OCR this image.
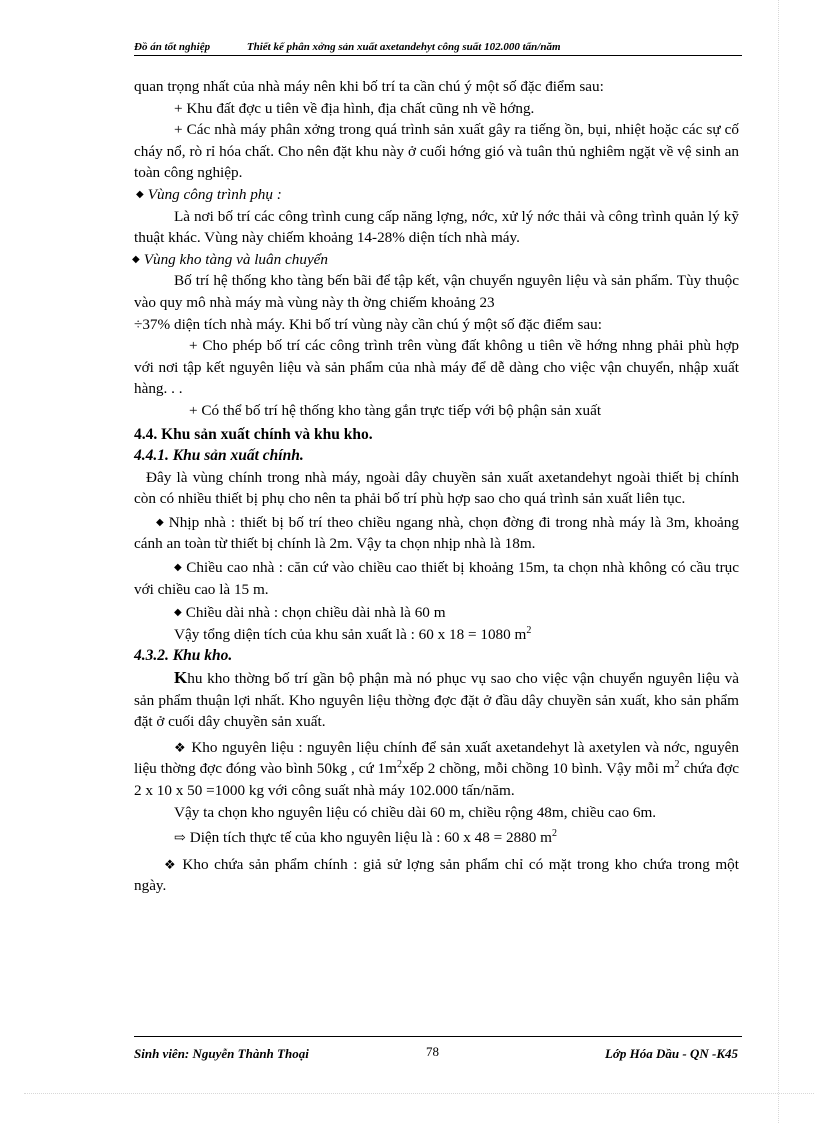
Đồ án tốt nghiệp	Thiết kế phân xởng sản xuất axetandehyt công suất 102.000 tấn/năm

quan trọng nhất của nhà máy nên khi bố trí ta cần chú ý một số đặc điểm sau:

+ Khu đất đợc u tiên về địa hình, địa chất cũng nh về hớng.

+ Các nhà máy phân xởng trong quá trình sản xuất gây ra tiếng ồn, bụi, nhiệt hoặc các sự cố cháy nổ, rò rỉ hóa chất. Cho nên đặt khu này ở cuối hớng gió và tuân thủ nghiêm ngặt về vệ sinh an toàn công nghiệp.

◆ Vùng công trình phụ :

Là nơi bố trí các công trình cung cấp năng lợng, nớc, xử lý nớc thải và công trình quản lý kỹ thuật khác. Vùng này chiếm khoảng 14-28% diện tích nhà máy.

◆ Vùng kho tàng và luân chuyển

Bố trí hệ thống kho tàng bến bãi để tập kết, vận chuyển nguyên liệu và sản phẩm. Tùy thuộc vào quy mô nhà máy mà vùng này th ờng chiếm khoảng 23

÷37% diện tích nhà máy. Khi bố trí vùng này cần chú ý một số đặc điểm sau:

+ Cho phép bố trí các công trình trên vùng đất không u tiên về hớng nhng phải phù hợp với nơi tập kết nguyên liệu và sản phẩm của nhà máy để dễ dàng cho việc vận chuyển, nhập xuất hàng. . .

+ Có thể bố trí hệ thống kho tàng gắn trực tiếp với bộ phận sản xuất

4.4. Khu sản xuất chính và khu kho.

4.4.1. Khu sản xuất chính.

Đây là vùng chính trong nhà máy, ngoài dây chuyền sản xuất axetandehyt ngoài thiết bị chính còn có nhiều thiết bị phụ cho nên ta phải bố trí phù hợp sao cho quá trình sản xuất liên tục.

◆ Nhịp nhà : thiết bị bố trí theo chiều ngang nhà, chọn đờng đi trong nhà máy là 3m, khoảng cánh an toàn từ thiết bị chính là 2m. Vậy ta chọn nhịp nhà là 18m.

◆ Chiều cao nhà : căn cứ vào chiều cao thiết bị khoảng 15m, ta chọn nhà không có cầu trục với chiều cao là 15 m.

◆ Chiều dài nhà : chọn chiều dài nhà là 60 m

Vậy tổng diện tích của khu sản xuất là : 60 x 18 = 1080 $m^2$

4.3.2. Khu kho.

Khu kho thờng bố trí gần bộ phận mà nó phục vụ sao cho việc vận chuyển nguyên liệu và sản phẩm thuận lợi nhất. Kho nguyên liệu thờng đợc đặt ở đầu dây chuyền sản xuất, kho sản phẩm đặt ở cuối dây chuyền sản xuất.

❖ Kho nguyên liệu : nguyên liệu chính để sản xuất axetandehyt là axetylen và nớc, nguyên liệu thờng đợc đóng vào bình 50kg , cứ $1m^2xếp$ 2 chồng, mỗi chồng 10 bình. Vậy mỗi $m^2$ chứa đợc 2 x 10 x 50 =1000 kg với công suất nhà máy 102.000 tấn/năm.

Vậy ta chọn kho nguyên liệu có chiều dài 60 m, chiều rộng 48m, chiều cao 6m.

⇨ Diện tích thực tế của kho nguyên liệu là : 60 x 48 = 2880 $m^2$

❖ Kho chứa sản phẩm chính : giả sử lợng sản phẩm chỉ có mặt trong kho chứa trong một ngày.

Sinh viên: Nguyễn Thành Thoại	78	Lớp Hóa Dầu - QN -K45
